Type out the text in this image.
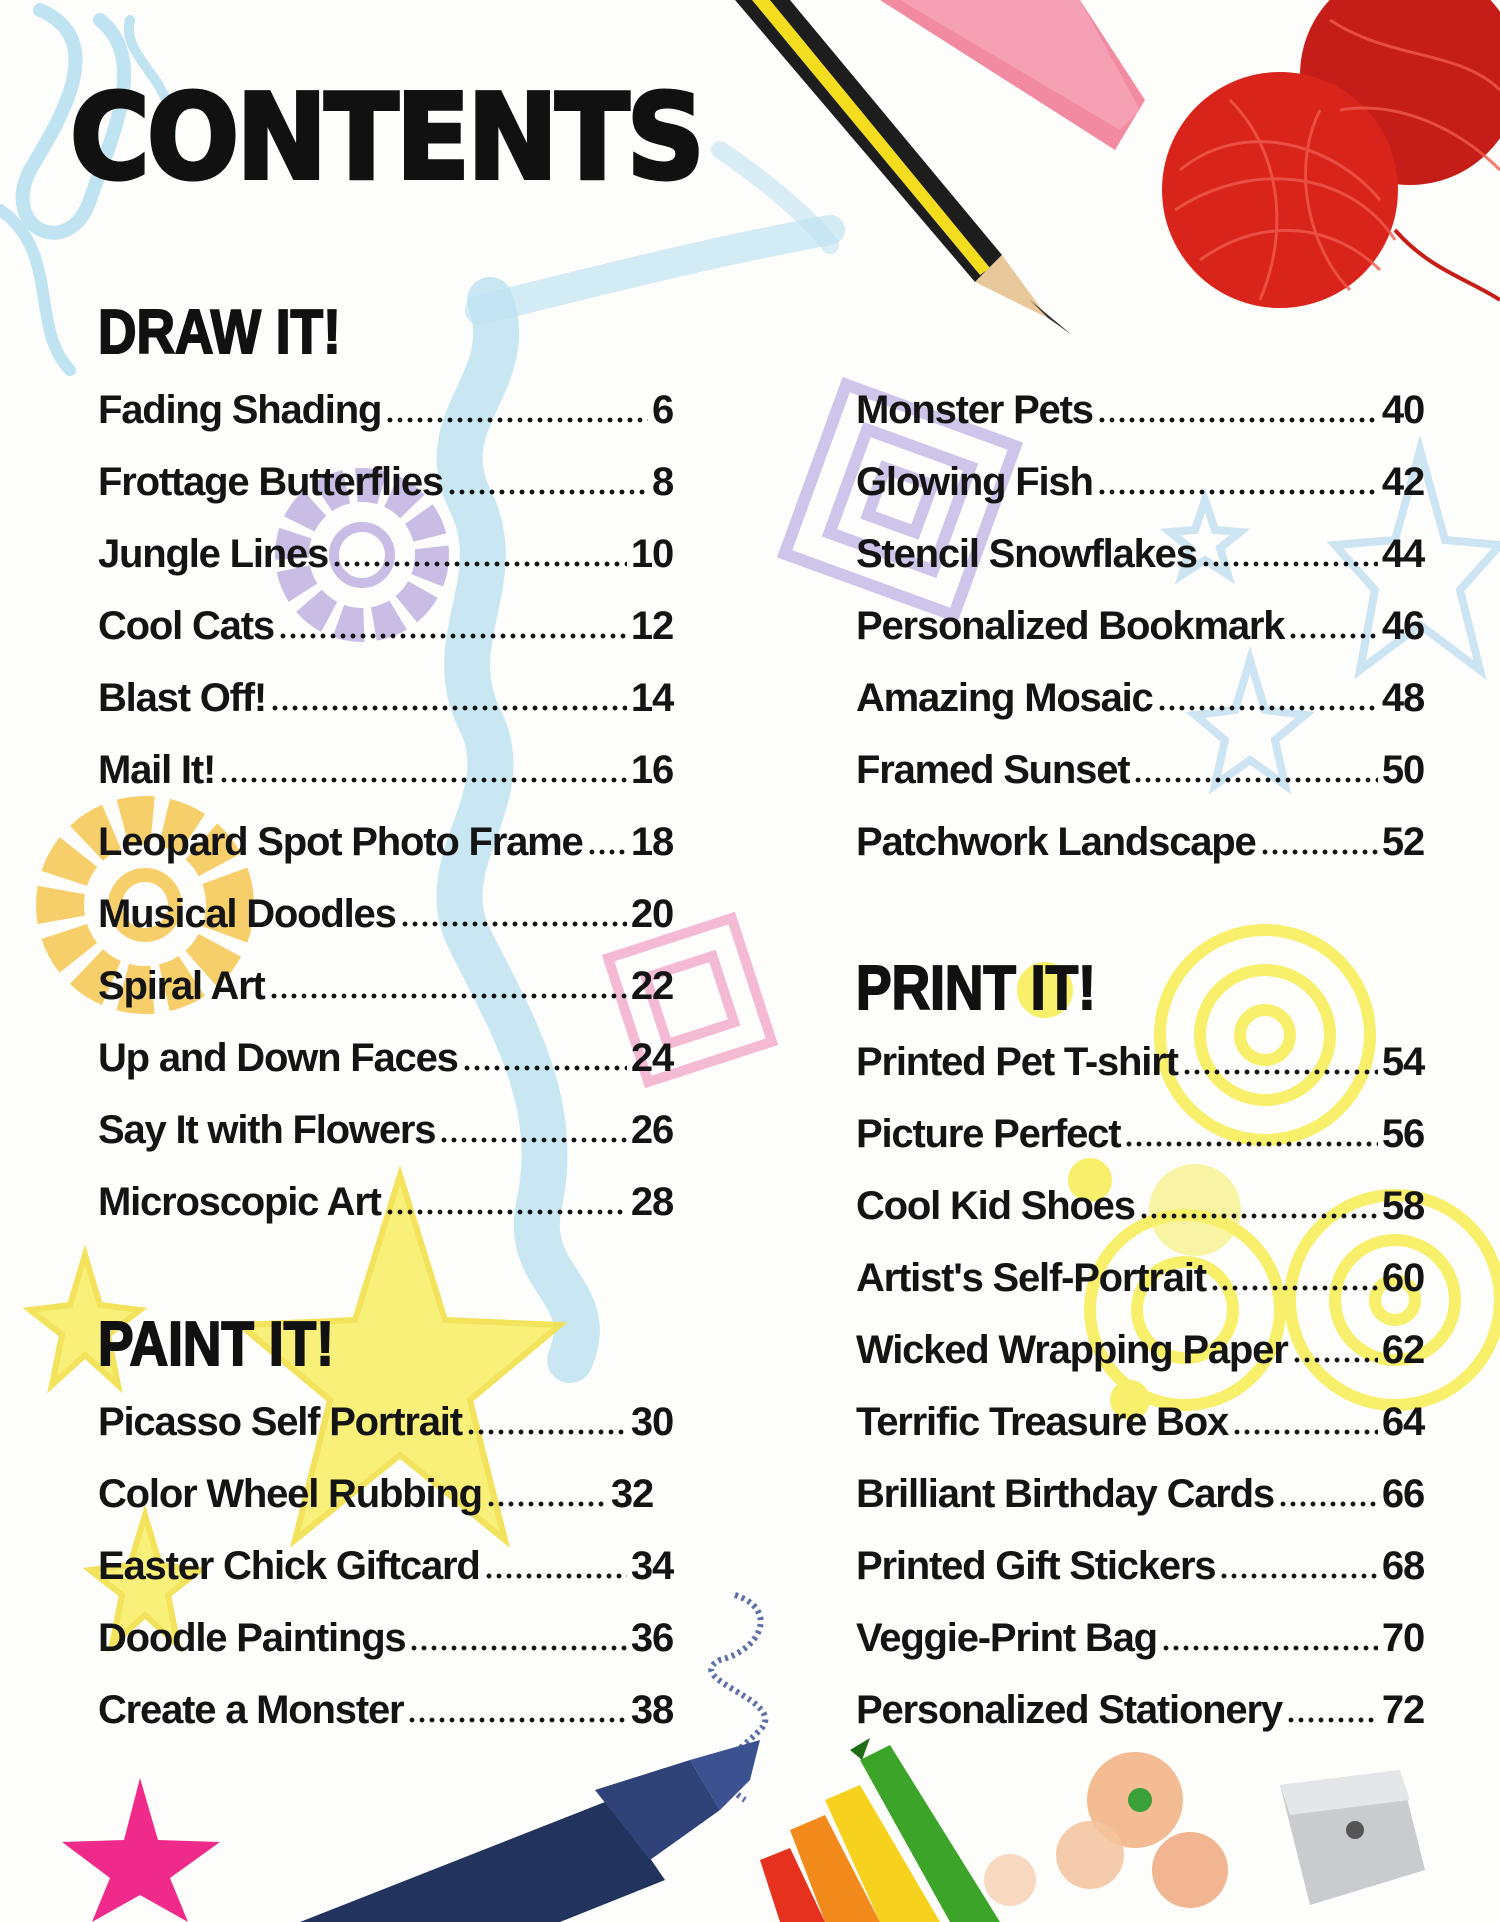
CONTENTS
DRAW IT!
Fading Shading	6
Frottage Butterflies	8
Jungle Lines	10
Cool Cats	12
Blast Off!	14
Mail It!	16
Leopard Spot Photo Frame 18
Musical Doodles	20
Spiral Art	22
Up and Down Faces	24
Say It with Flowers	26
Microscopic Art	28
PAINT IT!
Picasso Self Portrait	30
Color Wheel Rubbing	32
Easter Chick Giftcard	34
Doodle Paintings	36
Create a Monster	38
Monster Pets	40
Glowing Fish	42
Stencil Snowflakes	44
Personalized Bookmark 46
Amazing Mosaic	48
Framed Sunset	50
Patchwork Landscape	52
PRINT IT!
Printed Pet T-shirt	54
Picture Perfect	56
Cool Kid Shoes	58
Artist's Self-Portrait	60
Wicked Wrapping Paper 62
Terrific Treasure Box	64
Brilliant Birthday Cards	66
Printed Gift Stickers	68
Veggie-Print Bag	70
Personalized Stationery	72
